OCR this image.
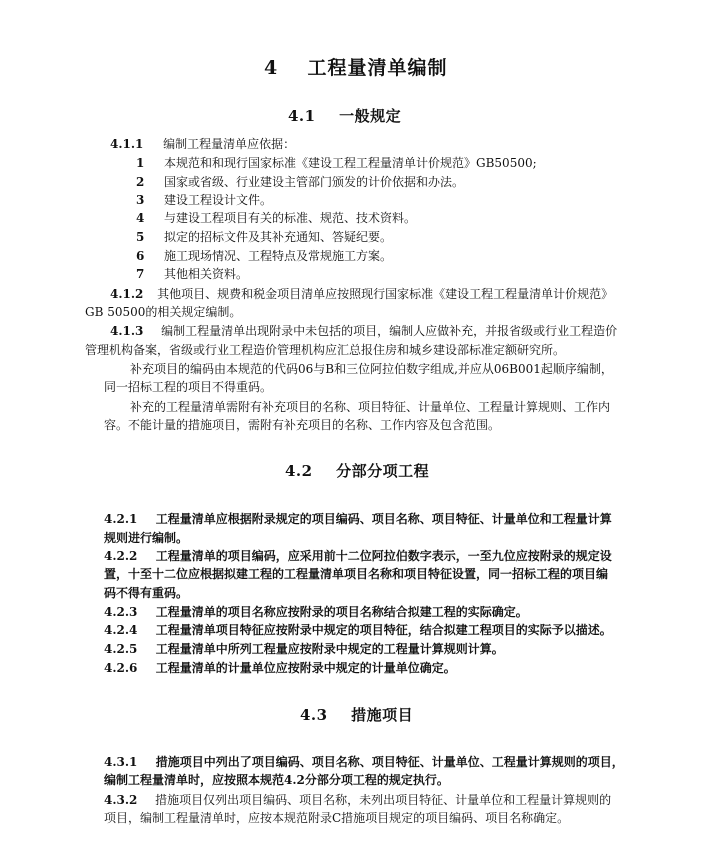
4 工程量清单编制
4.1 一般规定
4.1.1 编制工程量清单应依据：
1 本规范和和现行国家标准《建设工程工程量清单计价规范》GB50500;
2 国家或省级、行业建设主管部门颁发的计价依据和办法。
3 建设工程设计文件。
4 与建设工程项目有关的标准、规范、技术资料。
5 拟定的招标文件及其补充通知、答疑纪要。
6 施工现场情况、工程特点及常规施工方案。
7 其他相关资料。
4.1.2 其他项目、规费和税金项目清单应按照现行国家标准《建设工程工程量清单计价规范》
GB 50500的相关规定编制。
4.1.3 编制工程量清单出现附录中未包括的项目，编制人应做补充，并报省级或行业工程造价
管理机构备案，省级或行业工程造价管理机构应汇总报住房和城乡建设部标准定额研究所。
补充项目的编码由本规范的代码06与B和三位阿拉伯数字组成,并应从06B001起顺序编制，
同一招标工程的项目不得重码。
补充的工程量清单需附有补充项目的名称、项目特征、计量单位、工程量计算规则、工作内
容。不能计量的措施项目，需附有补充项目的名称、工作内容及包含范围。
4.2 分部分项工程
4.2.1 工程量清单应根据附录规定的项目编码、项目名称、项目特征、计量单位和工程量计算
规则进行编制。
4.2.2 工程量清单的项目编码，应采用前十二位阿拉伯数字表示，一至九位应按附录的规定设
置，十至十二位应根据拟建工程的工程量清单项目名称和项目特征设置，同一招标工程的项目编
码不得有重码。
4.2.3 工程量清单的项目名称应按附录的项目名称结合拟建工程的实际确定。
4.2.4 工程量清单项目特征应按附录中规定的项目特征，结合拟建工程项目的实际予以描述。
4.2.5 工程量清单中所列工程量应按附录中规定的工程量计算规则计算。
4.2.6 工程量清单的计量单位应按附录中规定的计量单位确定。
4.3 措施项目
4.3.1 措施项目中列出了项目编码、项目名称、项目特征、计量单位、工程量计算规则的项目，
编制工程量清单时，应按照本规范4.2分部分项工程的规定执行。
4.3.2 措施项目仅列出项目编码、项目名称，未列出项目特征、计量单位和工程量计算规则的
项目，编制工程量清单时，应按本规范附录C措施项目规定的项目编码、项目名称确定。
